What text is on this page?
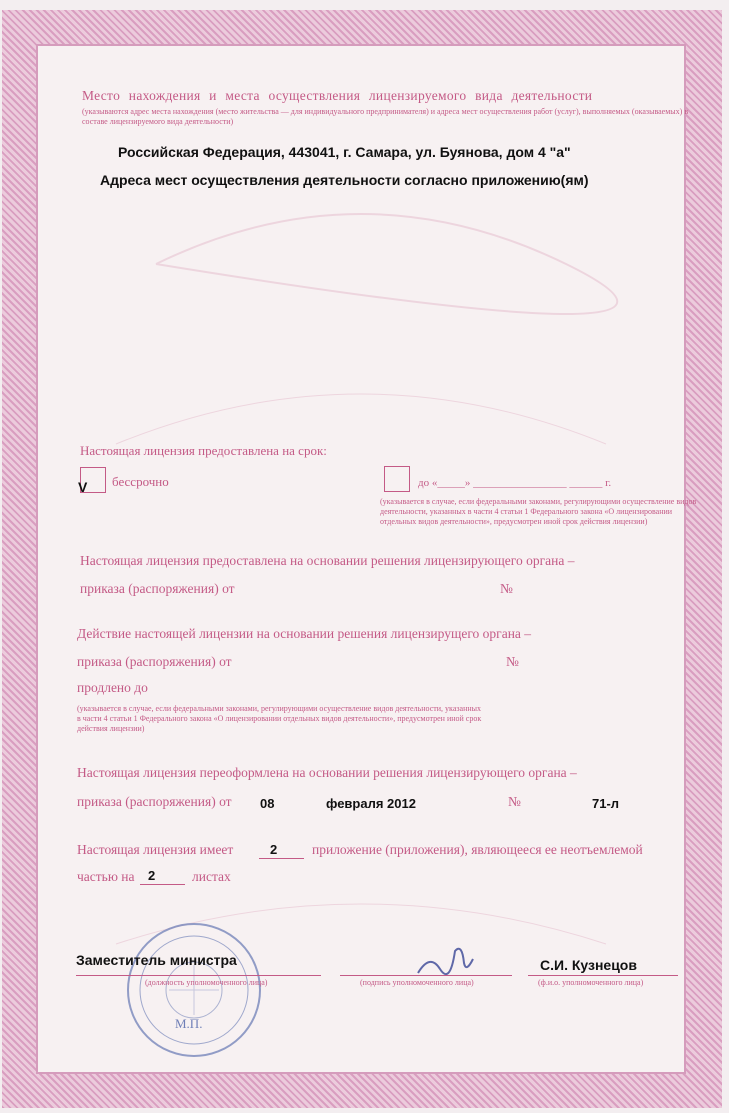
Место нахождения и места осуществления лицензируемого вида деятельности
(указываются адрес места нахождения (место жительства — для индивидуального предпринимателя) и адреса мест осуществления работ (услуг), выполняемых (оказываемых) в составе лицензируемого вида деятельности)
Российская Федерация, 443041, г. Самара, ул. Буянова, дом 4 "а"
Адреса мест осуществления деятельности согласно приложению(ям)
Настоящая лицензия предоставлена на срок:
V бессрочно	до «_____» _________________ ______ г.
(указывается в случае, если федеральными законами, регулирующими осуществление видов деятельности, указанных в части 4 статьи 1 Федерального закона «О лицензировании отдельных видов деятельности», предусмотрен иной срок действия лицензии)
Настоящая лицензия предоставлена на основании решения лицензирующего органа –
приказа (распоряжения) от	№
Действие настоящей лицензии на основании решения лицензирущего органа –
приказа (распоряжения) от	№
продлено до
(указывается в случае, если федеральными законами, регулирующими осуществление видов деятельности, указанных в части 4 статьи 1 Федерального закона «О лицензировании отдельных видов деятельности», предусмотрен иной срок действия лицензии)
Настоящая лицензия переоформлена на основании решения лицензирующего органа –
приказа (распоряжения) от 08	февраля 2012	№	71-л
Настоящая лицензия имеет	2	приложение (приложения), являющееся ее неотъемлемой
частью на 2	листах
М.П.
Заместитель министра
(должность уполномоченного лица)	(подпись уполномоченного лица)
С.И. Кузнецов
(ф.и.о. уполномоченного лица)
